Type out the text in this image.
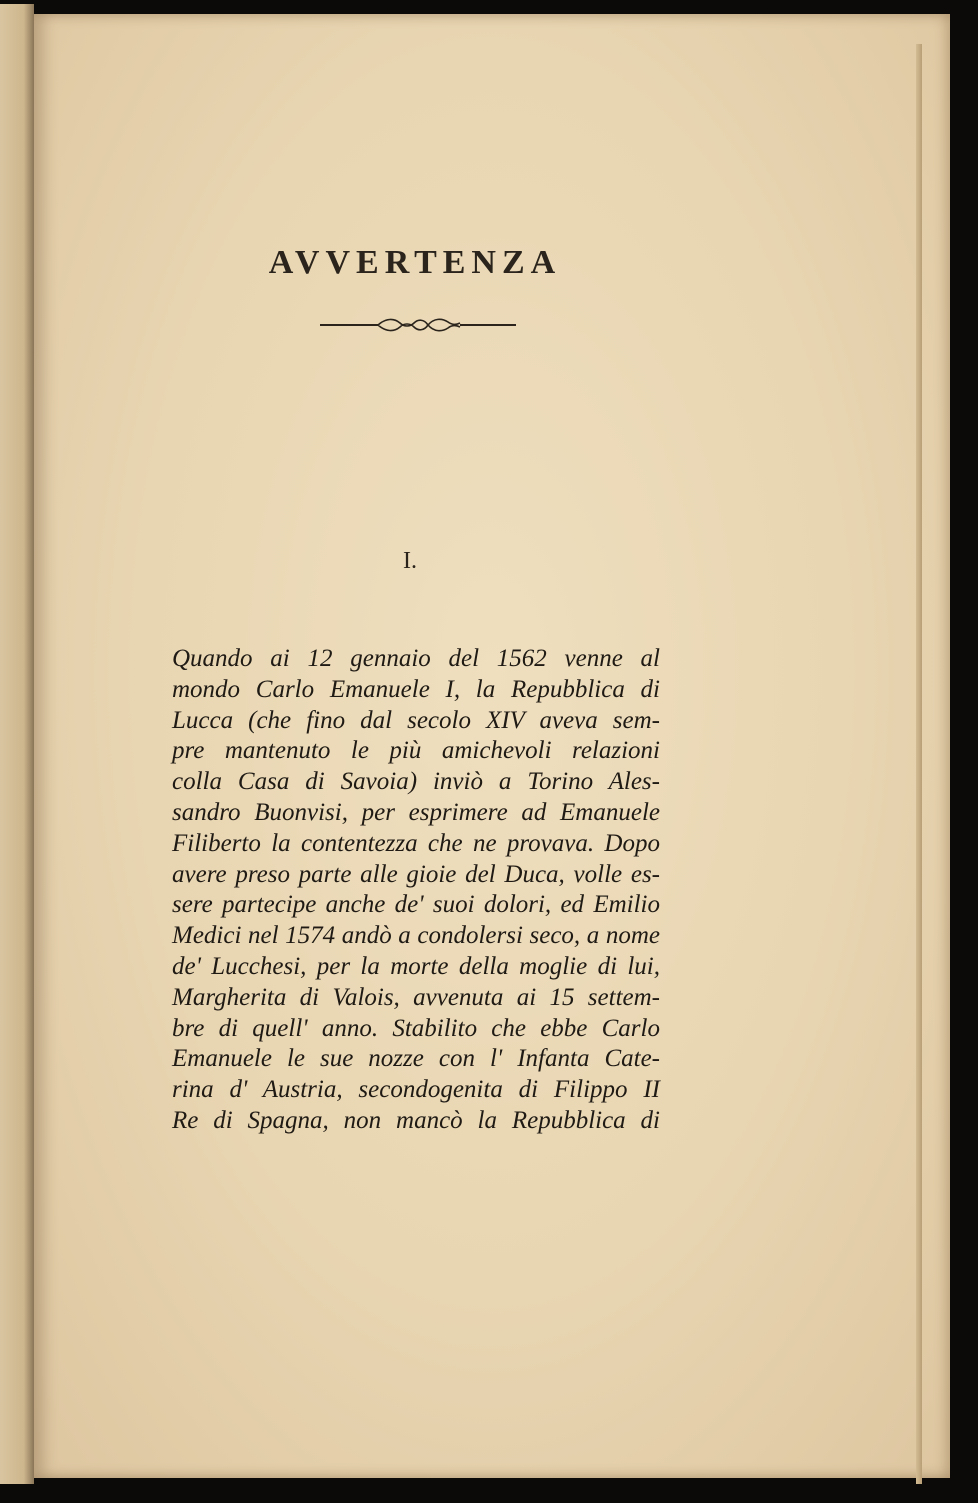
AVVERTENZA
I.
Quando ai 12 gennaio del 1562 venne al
mondo Carlo Emanuele I, la Repubblica di
Lucca (che fino dal secolo XIV aveva sem-
pre mantenuto le più amichevoli relazioni
colla Casa di Savoia) inviò a Torino Ales-
sandro Buonvisi, per esprimere ad Emanuele
Filiberto la contentezza che ne provava. Dopo
avere preso parte alle gioie del Duca, volle es-
sere partecipe anche de' suoi dolori, ed Emilio
Medici nel 1574 andò a condolersi seco, a nome
de' Lucchesi, per la morte della moglie di lui,
Margherita di Valois, avvenuta ai 15 settem-
bre di quell' anno. Stabilito che ebbe Carlo
Emanuele le sue nozze con l' Infanta Cate-
rina d' Austria, secondogenita di Filippo II
Re di Spagna, non mancò la Repubblica di
